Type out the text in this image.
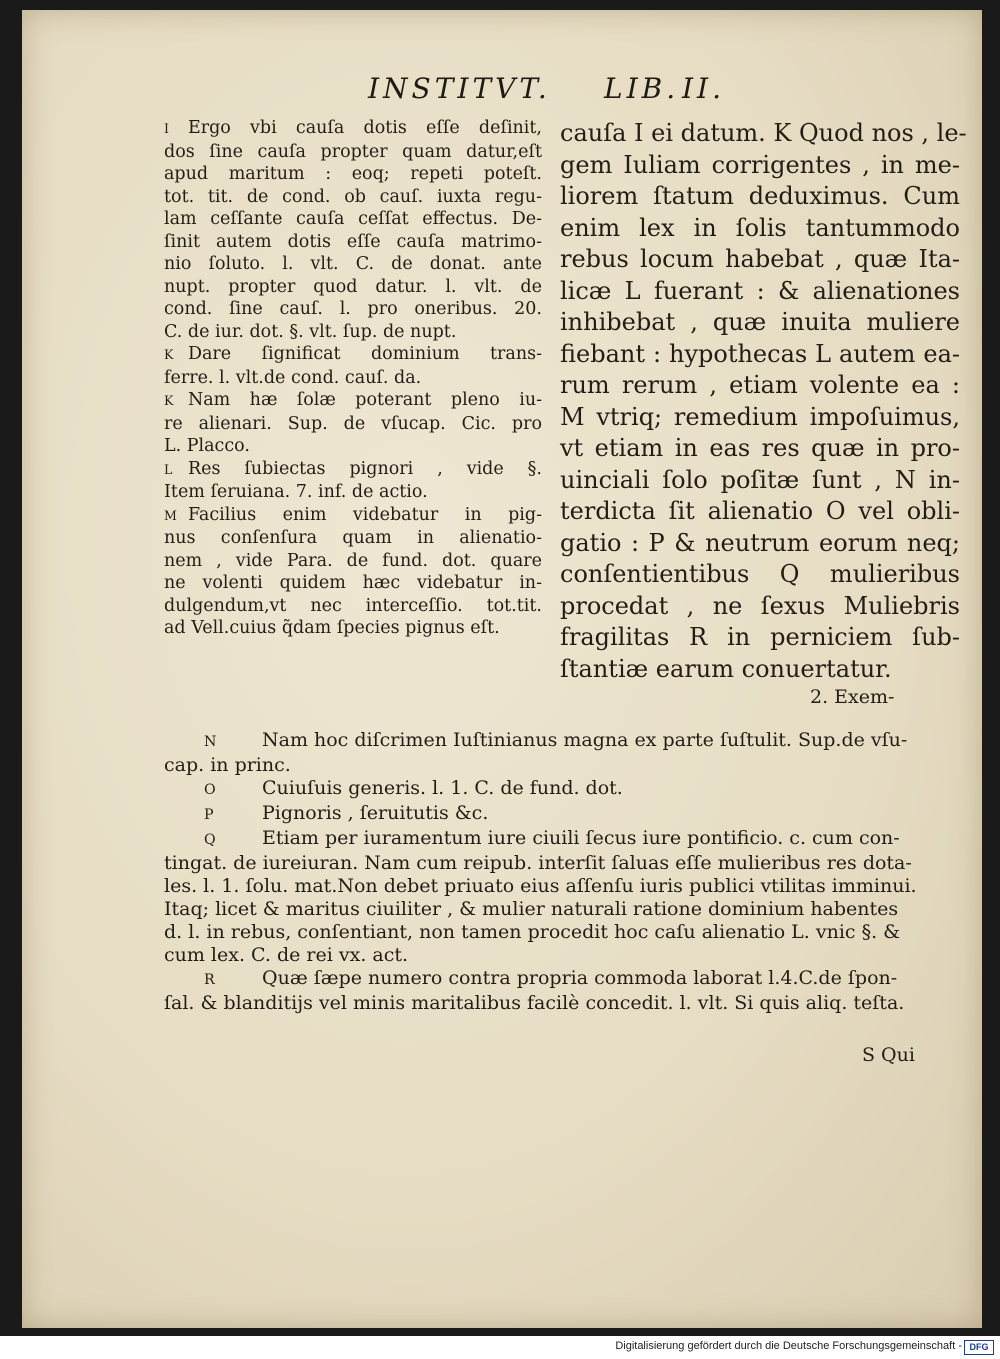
INSTITVT. LIB. II.

I Ergo vbi cauſa dotis eſſe deſinit,

dos ſine cauſa propter quam datur,eſt

apud maritum : eoq; repeti poteſt.

tot. tit. de cond. ob cauſ. iuxta regu-

lam ceſſante cauſa ceſſat effectus. De-

ſinit autem dotis eſſe cauſa matrimo-

nio ſoluto. l. vlt. C. de donat. ante

nupt. propter quod datur. l. vlt. de

cond. ſine cauſ. l. pro oneribus. 20.

C. de iur. dot. §. vlt. ſup. de nupt.

K Dare ſignificat dominium trans-

ferre. l. vlt.de cond. cauſ. da.

K Nam hæ ſolæ poterant pleno iu-

re alienari. Sup. de vſucap. Cic. pro

L. Placco.

L Res ſubiectas pignori , vide §.

Item ſeruiana. 7. inf. de actio.

M Facilius enim videbatur in pig-

nus conſenſura quam in alienatio-

nem , vide Para. de fund. dot. quare

ne volenti quidem hæc videbatur in-

dulgendum,vt nec interceſſio. tot.tit.

ad Vell.cuius q̃dam ſpecies pignus eſt.

cauſa I ei datum. K Quod nos , le-

gem Iuliam corrigentes , in me-

liorem ſtatum deduximus. Cum

enim lex in ſolis tantummodo

rebus locum habebat , quæ Ita-

licæ L fuerant : & alienationes

inhibebat , quæ inuita muliere

fiebant : hypothecas L autem ea-

rum rerum , etiam volente ea :

M vtriq; remedium impoſuimus,

vt etiam in eas res quæ in pro-

uinciali ſolo poſitæ ſunt , N in-

terdicta ſit alienatio O vel obli-

gatio : P & neutrum eorum neq;

conſentientibus Q mulieribus

procedat , ne ſexus Muliebris

fragilitas R in perniciem ſub-

ſtantiæ earum conuertatur.

2. Exem-

N Nam hoc diſcrimen Iuſtinianus magna ex parte ſuſtulit. Sup.de vſu-

cap. in princ.

O Cuiuſuis generis. l. 1. C. de fund. dot.

P	Pignoris , ſeruitutis &c.

Q Etiam per iuramentum iure ciuili ſecus iure pontificio. c. cum con-

tingat. de iureiuran. Nam cum reipub. interſit ſaluas eſſe mulieribus res dota-

les. l. 1. ſolu. mat.Non debet priuato eius aſſenſu iuris publici vtilitas imminui.

Itaq; licet & maritus ciuiliter , & mulier naturali ratione dominium habentes

d. l. in rebus, conſentiant, non tamen procedit hoc caſu alienatio L. vnic §. &

cum lex. C. de rei vx. act.

R Quæ ſæpe numero contra propria commoda laborat l.4.C.de ſpon-

ſal. & blanditijs vel minis maritalibus facilè concedit. l. vlt. Si quis aliq. teſta.

S Qui
Digitalisierung gefördert durch die Deutsche Forschungsgemeinschaft - DFG
